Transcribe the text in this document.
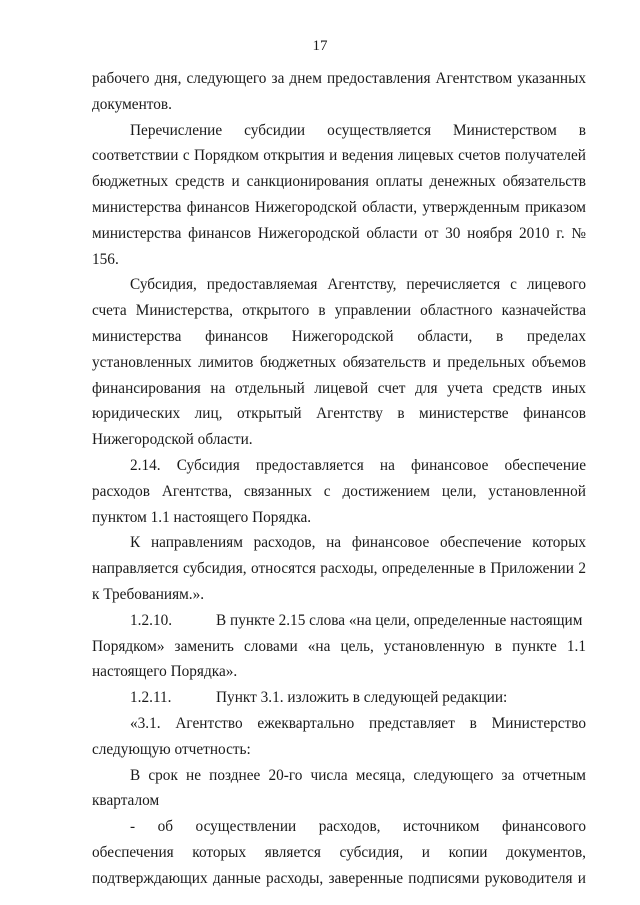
17

рабочего дня, следующего за днем предоставления Агентством указанных документов.

Перечисление субсидии осуществляется Министерством в соответствии с Порядком открытия и ведения лицевых счетов получателей бюджетных средств и санкционирования оплаты денежных обязательств министерства финансов Нижегородской области, утвержденным приказом министерства финансов Нижегородской области от 30 ноября 2010 г. № 156.

Субсидия, предоставляемая Агентству, перечисляется с лицевого счета Министерства, открытого в управлении областного казначейства министерства финансов Нижегородской области, в пределах установленных лимитов бюджетных обязательств и предельных объемов финансирования на отдельный лицевой счет для учета средств иных юридических лиц, открытый Агентству в министерстве финансов Нижегородской области.

2.14. Субсидия предоставляется на финансовое обеспечение расходов Агентства, связанных с достижением цели, установленной пунктом 1.1 настоящего Порядка.

К направлениям расходов, на финансовое обеспечение которых направляется субсидия, относятся расходы, определенные в Приложении 2 к Требованиям.».

1.2.10.	В пункте 2.15 слова «на цели, определенные настоящим

Порядком» заменить словами «на цель, установленную в пункте 1.1 настоящего Порядка».

1.2.11.	Пункт 3.1. изложить в следующей редакции:

«3.1. Агентство ежеквартально представляет в Министерство следующую отчетность:

В срок не позднее 20-го числа месяца, следующего за отчетным кварталом

- об осуществлении расходов, источником финансового
обеспечения которых является субсидия, и копии документов,
подтверждающих данные расходы, заверенные подписями руководителя и
